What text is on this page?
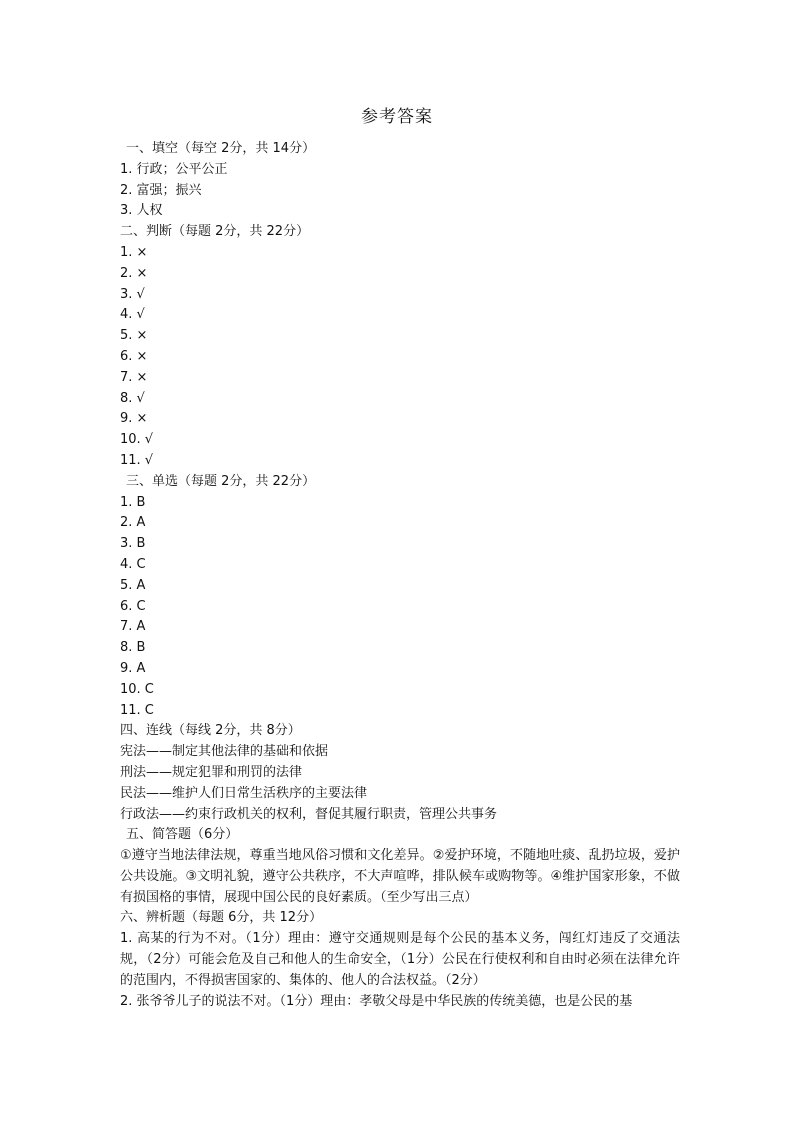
参考答案
一、填空（每空 2分，共 14分）
1. 行政；公平公正
2. 富强；振兴
3. 人权
二、判断（每题 2分，共 22分）
1. ×
2. ×
3. √
4. √
5. ×
6. ×
7. ×
8. √
9. ×
10. √
11. √
三、单选（每题 2分，共 22分）
1. B
2. A
3. B
4. C
5. A
6. C
7. A
8. B
9. A
10. C
11. C
四、连线（每线 2分，共 8分）
宪法——制定其他法律的基础和依据
刑法——规定犯罪和刑罚的法律
民法——维护人们日常生活秩序的主要法律
行政法——约束行政机关的权利，督促其履行职责，管理公共事务
五、简答题（6分）
①遵守当地法律法规，尊重当地风俗习惯和文化差异。②爱护环境，不随地吐痰、乱扔垃圾，爱护公共设施。③文明礼貌，遵守公共秩序，不大声喧哗，排队候车或购物等。④维护国家形象，不做有损国格的事情，展现中国公民的良好素质。（至少写出三点）
六、辨析题（每题 6分，共 12分）
1. 高某的行为不对。（1分）理由：遵守交通规则是每个公民的基本义务，闯红灯违反了交通法规，（2分）可能会危及自己和他人的生命安全，（1分）公民在行使权利和自由时必须在法律允许的范围内，不得损害国家的、集体的、他人的合法权益。（2分）
2. 张爷爷儿子的说法不对。（1分）理由：孝敬父母是中华民族的传统美德，也是公民的基
